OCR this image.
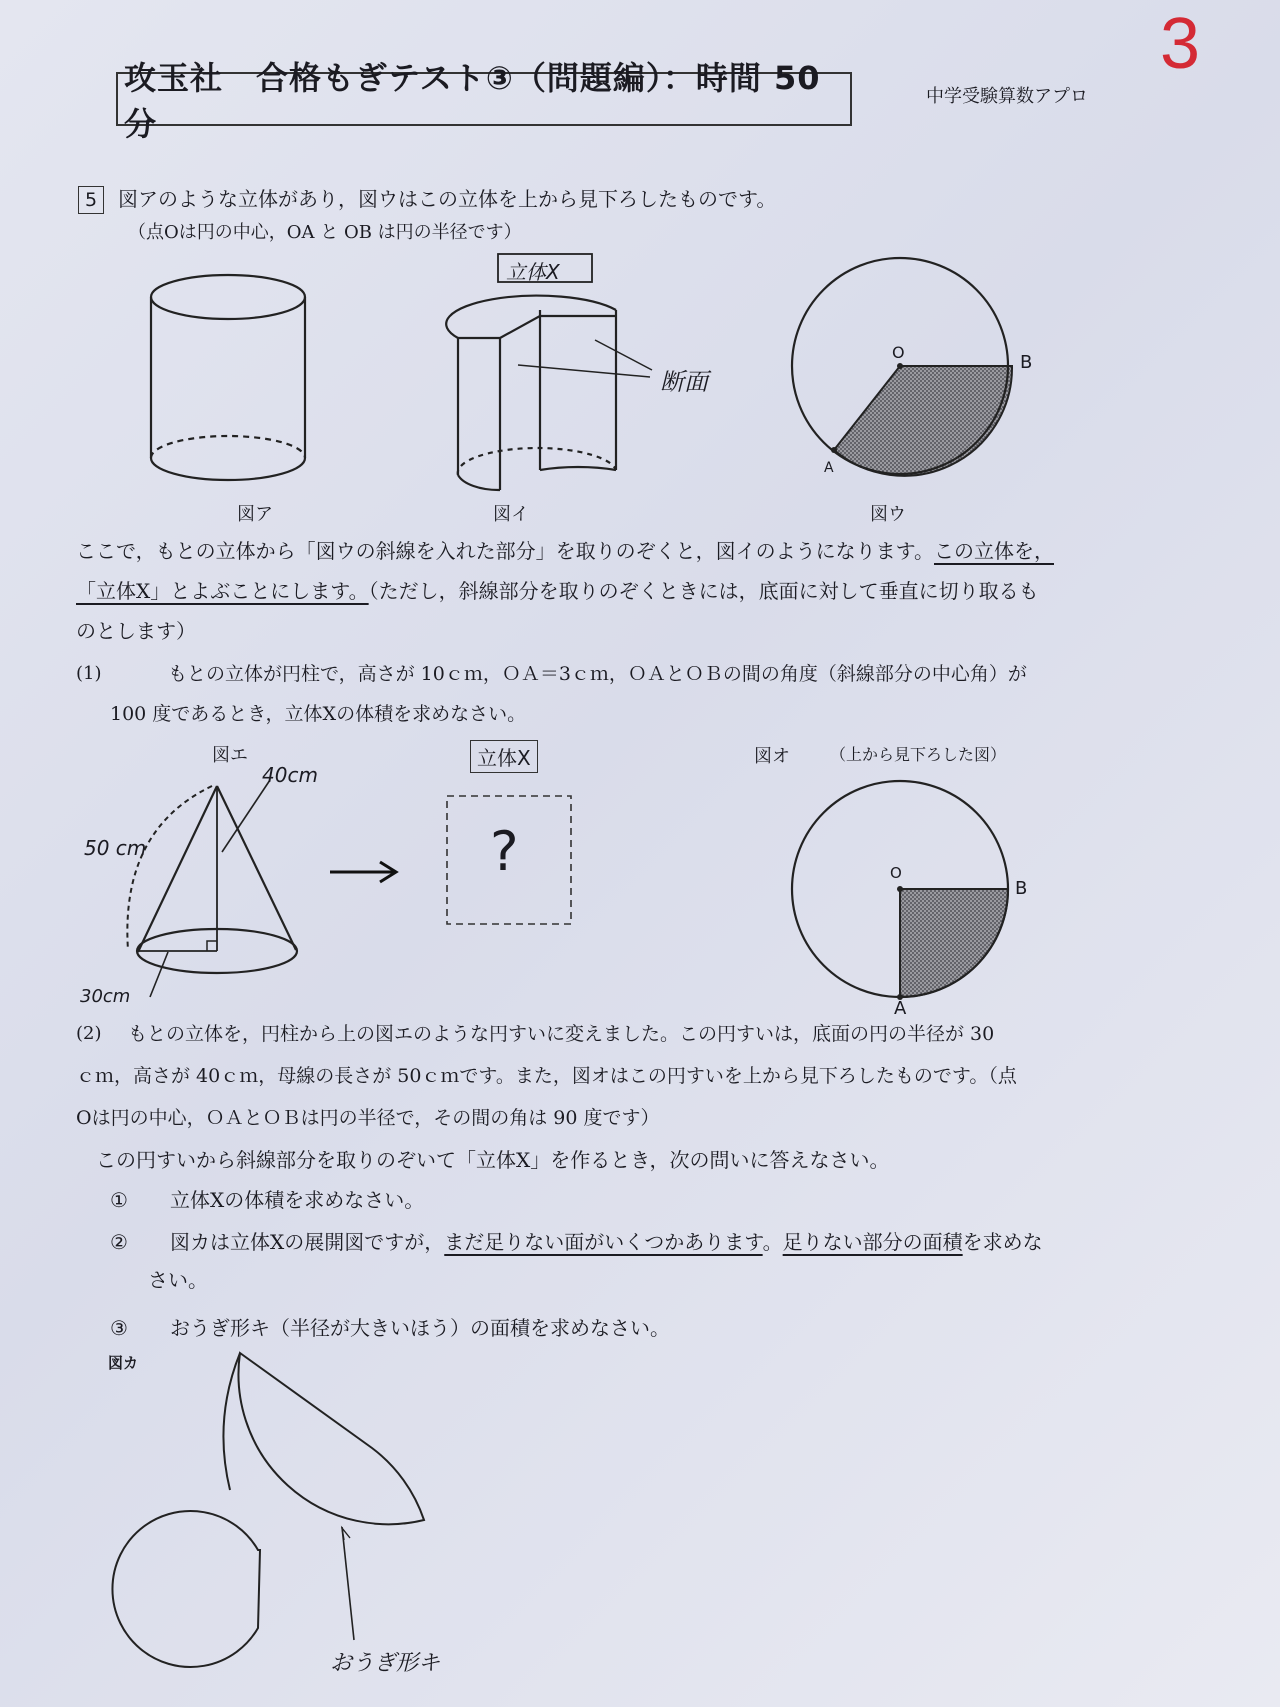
3
攻玉社　合格もぎテスト③（問題編）：時間 50 分
中学受験算数アプロ
5 図アのような立体があり，図ウはこの立体を上から見下ろしたものです。
（点Oは円の中心，OA と OB は円の半径です）
図ア	図イ	図ウ
立体X
断面
O	B
A
ここで，もとの立体から「図ウの斜線を入れた部分」を取りのぞくと，図イのようになります。この立体を，
「立体X」とよぶことにします。（ただし，斜線部分を取りのぞくときには，底面に対して垂直に切り取るも
のとします）
(1)	もとの立体が円柱で，高さが 10ｃｍ，ＯＡ＝3ｃｍ，ＯＡとＯＢの間の角度（斜線部分の中心角）が
100 度であるとき，立体Xの体積を求めなさい。
図エ
50 cm
40cm
30cm
立体X
?
図オ	（上から見下ろした図）
O
B
A
(2) もとの立体を，円柱から上の図エのような円すいに変えました。この円すいは，底面の円の半径が 30
ｃｍ，高さが 40ｃｍ，母線の長さが 50ｃｍです。また，図オはこの円すいを上から見下ろしたものです。（点
Oは円の中心，ＯＡとＯＢは円の半径で，その間の角は 90 度です）
この円すいから斜線部分を取りのぞいて「立体X」を作るとき，次の問いに答えなさい。
① 立体Xの体積を求めなさい。
② 図カは立体Xの展開図ですが，まだ足りない面がいくつかあります。足りない部分の面積を求めな
さい。
③ おうぎ形キ（半径が大きいほう）の面積を求めなさい。
図カ
おうぎ形キ
